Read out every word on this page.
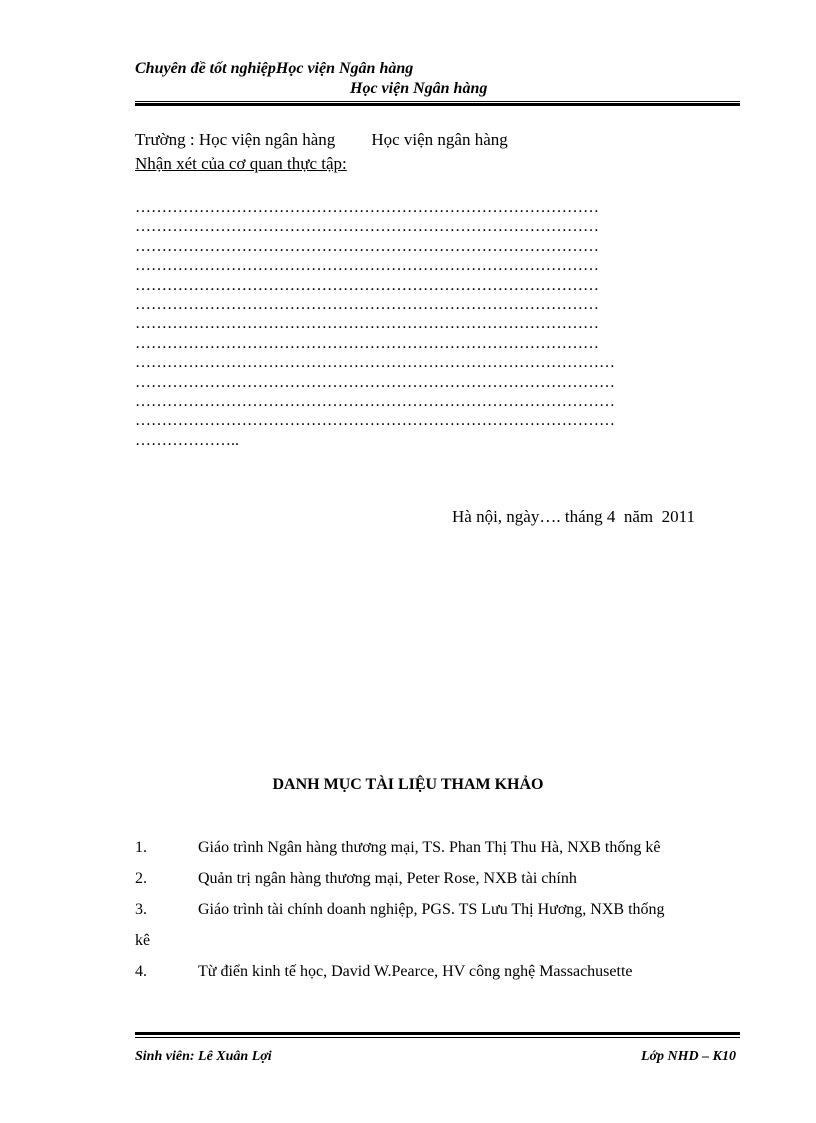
Chuyên đề tốt nghiệpHọc viện Ngân hàng
Học viện Ngân hàng
Trường : Học viện ngân hàng Học viện ngân hàng
Nhận xét của cơ quan thực tập:
……………………………………………………………………………
……………………………………………………………………………
……………………………………………………………………………
……………………………………………………………………………
……………………………………………………………………………
……………………………………………………………………………
……………………………………………………………………………
……………………………………………………………………………
………………………………………………………………………………
………………………………………………………………………………
………………………………………………………………………………
………………………………………………………………………………
………………..
Hà nội, ngày…. tháng 4  năm  2011
DANH MỤC TÀI LIỆU THAM KHẢO
1.	Giáo trình Ngân hàng thương mại, TS. Phan Thị Thu Hà, NXB thống kê
2.	Quản trị ngân hàng thương mại, Peter Rose, NXB tài chính
3.	Giáo trình tài chính doanh nghiệp, PGS. TS Lưu Thị Hương, NXB thống
kê
4.	Từ điển kinh tế học, David W.Pearce, HV công nghệ Massachusette
Sinh viên: Lê Xuân Lợi	Lớp NHD – K10
